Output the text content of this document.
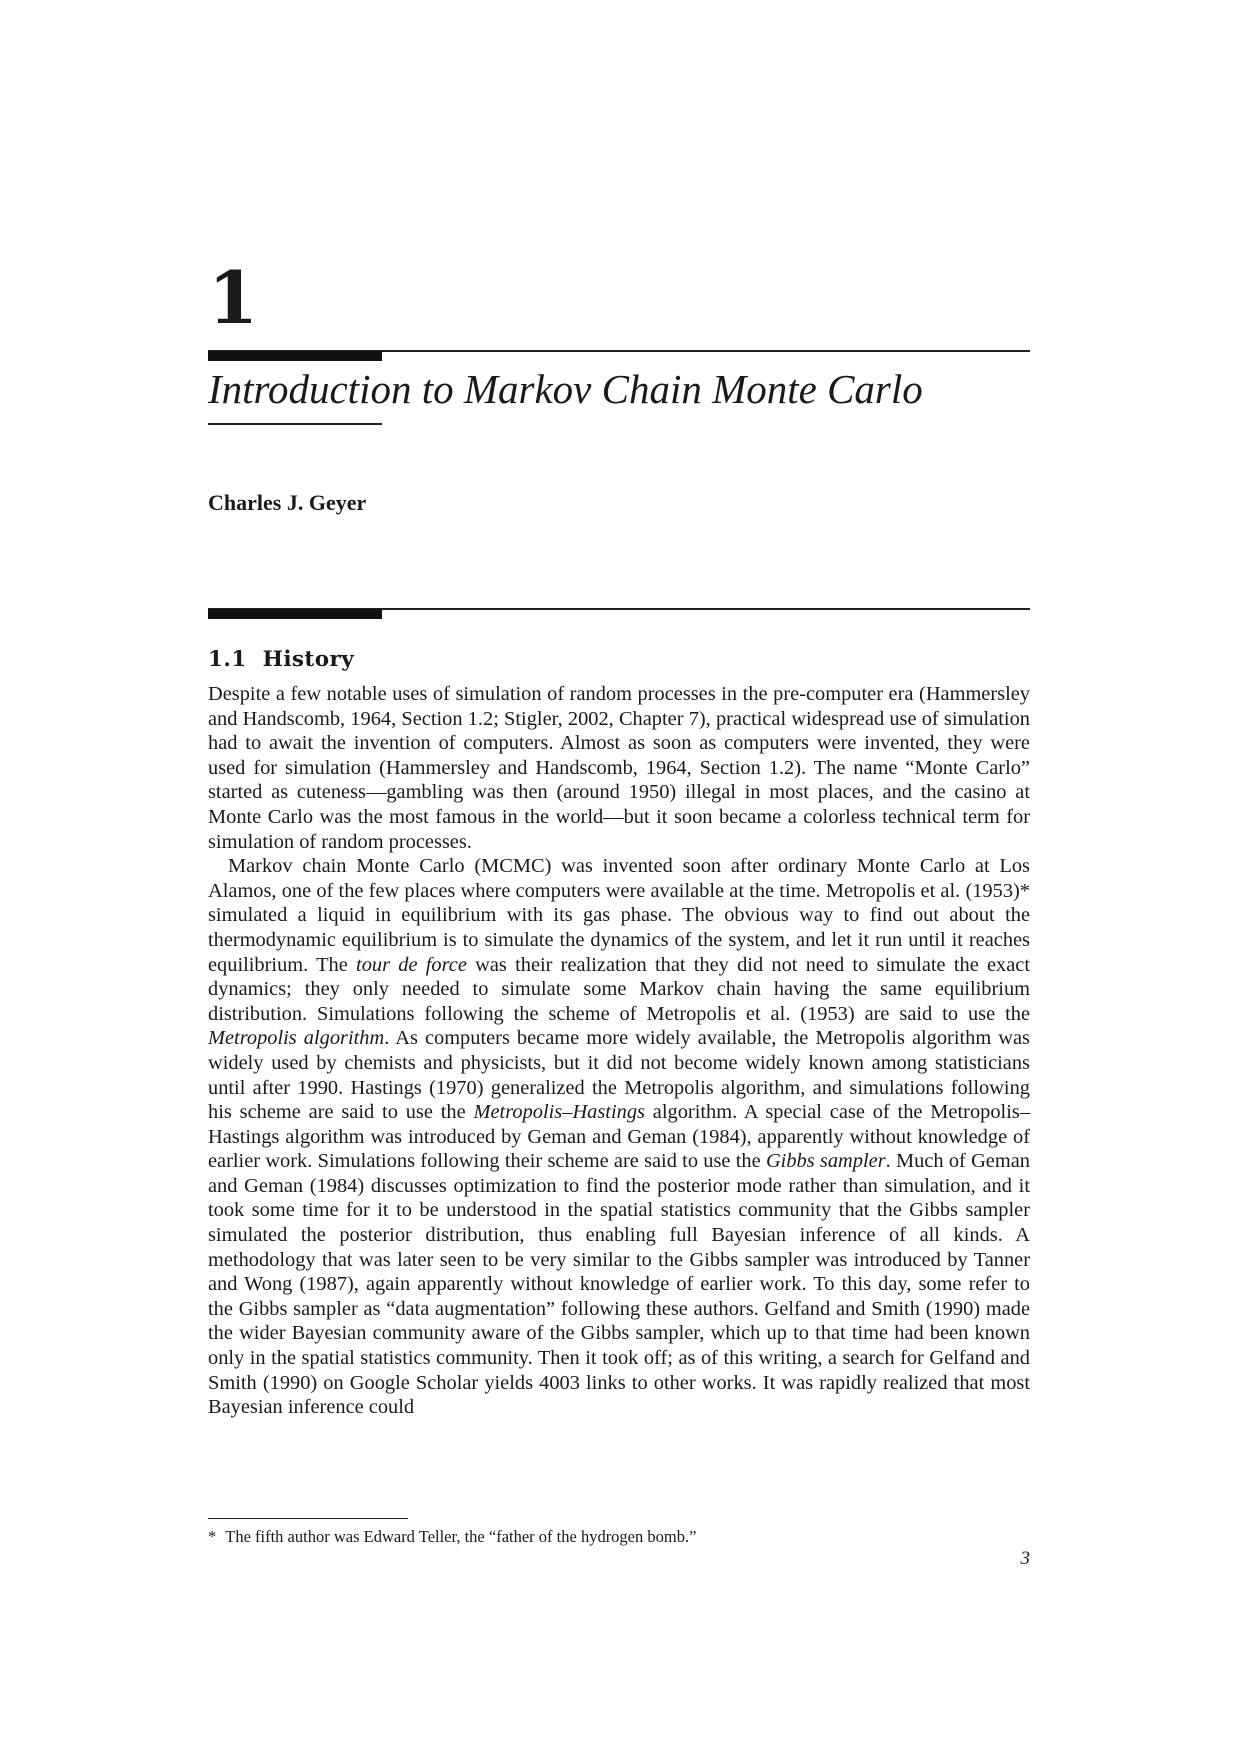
1
Introduction to Markov Chain Monte Carlo

Charles J. Geyer

1.1 History

Despite a few notable uses of simulation of random processes in the pre-computer era (Hammersley and Handscomb, 1964, Section 1.2; Stigler, 2002, Chapter 7), practical widespread use of simulation had to await the invention of computers. Almost as soon as computers were invented, they were used for simulation (Hammersley and Handscomb, 1964, Section 1.2). The name “Monte Carlo” started as cuteness—gambling was then (around 1950) illegal in most places, and the casino at Monte Carlo was the most famous in the world—but it soon became a colorless technical term for simulation of random processes.

Markov chain Monte Carlo (MCMC) was invented soon after ordinary Monte Carlo at Los Alamos, one of the few places where computers were available at the time. Metropolis et al. (1953)* simulated a liquid in equilibrium with its gas phase. The obvious way to find out about the thermodynamic equilibrium is to simulate the dynamics of the system, and let it run until it reaches equilibrium. The tour de force was their realization that they did not need to simulate the exact dynamics; they only needed to simulate some Markov chain having the same equilibrium distribution. Simulations following the scheme of Metropolis et al. (1953) are said to use the Metropolis algorithm. As computers became more widely available, the Metropolis algorithm was widely used by chemists and physicists, but it did not become widely known among statisticians until after 1990. Hastings (1970) generalized the Metropolis algorithm, and simulations following his scheme are said to use the Metropolis–Hastings algorithm. A special case of the Metropolis–Hastings algorithm was introduced by Geman and Geman (1984), apparently without knowledge of earlier work. Simulations following their scheme are said to use the Gibbs sampler. Much of Geman and Geman (1984) discusses optimization to find the posterior mode rather than simulation, and it took some time for it to be understood in the spatial statistics community that the Gibbs sampler simulated the posterior distribution, thus enabling full Bayesian inference of all kinds. A methodology that was later seen to be very similar to the Gibbs sampler was introduced by Tanner and Wong (1987), again apparently without knowledge of earlier work. To this day, some refer to the Gibbs sampler as “data augmentation” following these authors. Gelfand and Smith (1990) made the wider Bayesian community aware of the Gibbs sampler, which up to that time had been known only in the spatial statistics community. Then it took off; as of this writing, a search for Gelfand and Smith (1990) on Google Scholar yields 4003 links to other works. It was rapidly realized that most Bayesian inference could

* The fifth author was Edward Teller, the “father of the hydrogen bomb.”
3
